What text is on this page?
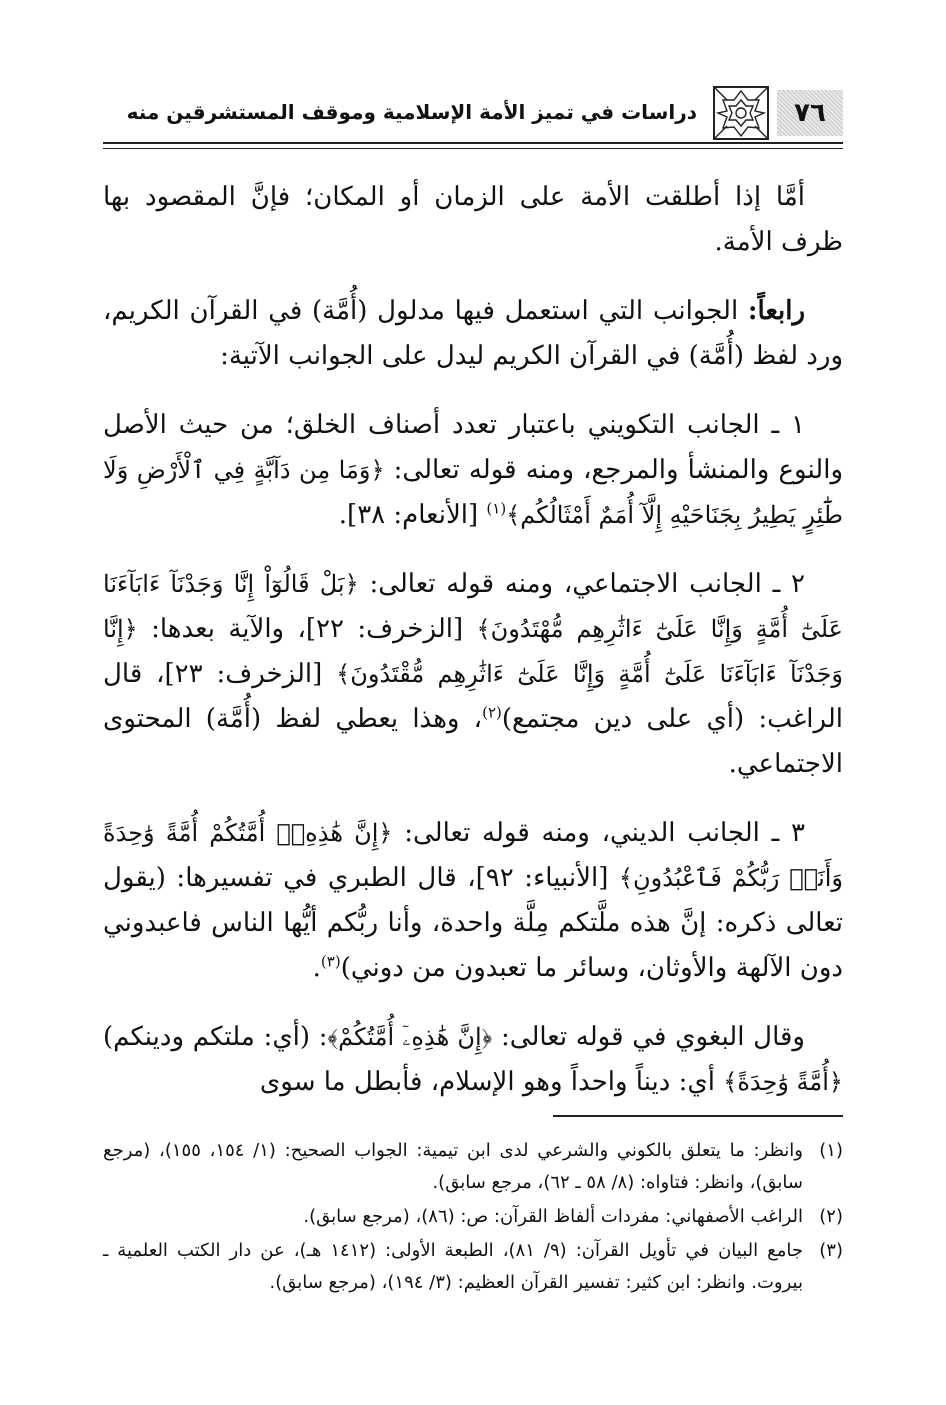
٧٦
دراسات في تميز الأمة الإسلامية وموقف المستشرقين منه

أمَّا إذا أطلقت الأمة على الزمان أو المكان؛ فإنَّ المقصود بها ظرف الأمة.

رابعاً: الجوانب التي استعمل فيها مدلول (أُمَّة) في القرآن الكريم، ورد لفظ (أُمَّة) في القرآن الكريم ليدل على الجوانب الآتية:

١ ـ الجانب التكويني باعتبار تعدد أصناف الخلق؛ من حيث الأصل والنوع والمنشأ والمرجع، ومنه قوله تعالى: ﴿وَمَا مِن دَآبَّةٍ فِي ٱلْأَرْضِ وَلَا طَٰٓئِرٍ يَطِيرُ بِجَنَاحَيْهِ إِلَّآ أُمَمٌ أَمْثَالُكُم﴾$^{(١)}$ [الأنعام: ٣٨].

٢ ـ الجانب الاجتماعي، ومنه قوله تعالى: ﴿بَلْ قَالُوٓاْ إِنَّا وَجَدْنَآ ءَابَآءَنَا عَلَىٰٓ أُمَّةٍ وَإِنَّا عَلَىٰٓ ءَاثَٰرِهِم مُّهْتَدُونَ﴾ [الزخرف: ٢٢]، والآية بعدها: ﴿إِنَّا وَجَدْنَآ ءَابَآءَنَا عَلَىٰٓ أُمَّةٍ وَإِنَّا عَلَىٰٓ ءَاثَٰرِهِم مُّقْتَدُونَ﴾ [الزخرف: ٢٣]، قال الراغب: (أي على دين مجتمع)$^{(٢)}$، وهذا يعطي لفظ (أُمَّة) المحتوى الاجتماعي.

٣ ـ الجانب الديني، ومنه قوله تعالى: ﴿إِنَّ هَٰذِهِۦٓ أُمَّتُكُمْ أُمَّةً وَٰحِدَةً وَأَنَا۠ رَبُّكُمْ فَٱعْبُدُونِ﴾ [الأنبياء: ٩٢]، قال الطبري في تفسيرها: (يقول تعالى ذكره: إنَّ هذه ملَّتكم مِلَّة واحدة، وأنا ربُّكم أيُّها الناس فاعبدوني دون الآلهة والأوثان، وسائر ما تعبدون من دوني)$^{(٣)}$.

وقال البغوي في قوله تعالى: ﴿إِنَّ هَٰذِهِۦٓ أُمَّتُكُمْ﴾: (أي: ملتكم ودينكم) ﴿أُمَّةً وَٰحِدَةً﴾ أي: ديناً واحداً وهو الإسلام، فأبطل ما سوى

(١)
وانظر: ما يتعلق بالكوني والشرعي لدى ابن تيمية: الجواب الصحيح: (١/ ١٥٤، ١٥٥)، (مرجع سابق)، وانظر: فتاواه: (٨/ ٥٨ ـ ٦٢)، مرجع سابق).
(٢)
الراغب الأصفهاني: مفردات ألفاظ القرآن: ص: (٨٦)، (مرجع سابق).
(٣)
جامع البيان في تأويل القرآن: (٩/ ٨١)، الطبعة الأولى: (١٤١٢ هـ)، عن دار الكتب العلمية ـ بيروت. وانظر: ابن كثير: تفسير القرآن العظيم: (٣/ ١٩٤)، (مرجع سابق).
